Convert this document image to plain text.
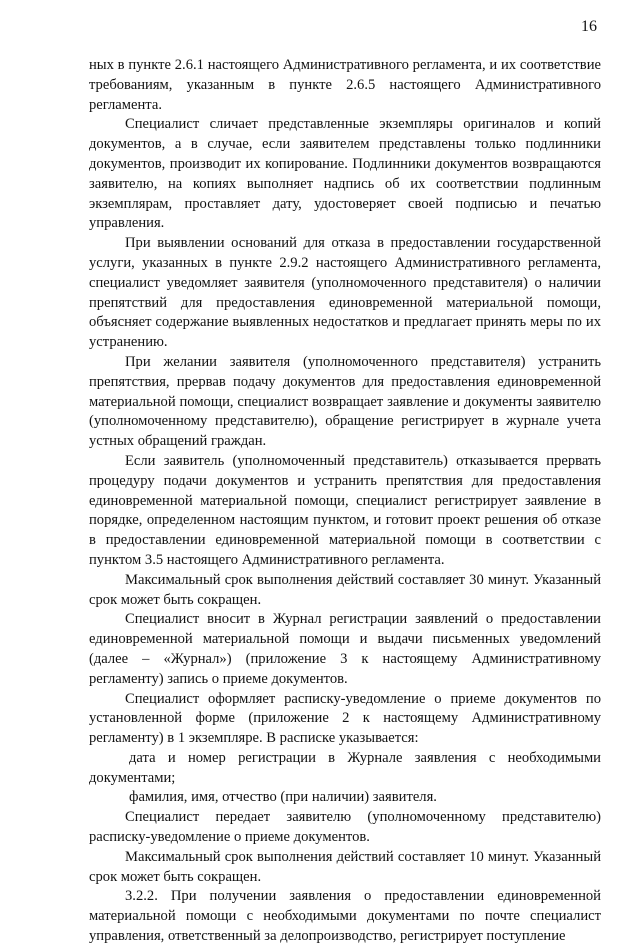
16

ных в пункте 2.6.1 настоящего Административного регламента, и их соответствие требованиям, указанным в пункте 2.6.5 настоящего Административного регламента.

Специалист сличает представленные экземпляры оригиналов и копий документов, а в случае, если заявителем представлены только подлинники документов, производит их копирование. Подлинники документов возвращаются заявителю, на копиях выполняет надпись об их соответствии подлинным экземплярам, проставляет дату, удостоверяет своей подписью и печатью управления.

При выявлении оснований для отказа в предоставлении государственной услуги, указанных в пункте 2.9.2 настоящего Административного регламента, специалист уведомляет заявителя (уполномоченного представителя) о наличии препятствий для предоставления единовременной материальной помощи, объясняет содержание выявленных недостатков и предлагает принять меры по их устранению.

При желании заявителя (уполномоченного представителя) устранить препятствия, прервав подачу документов для предоставления единовременной материальной помощи, специалист возвращает заявление и документы заявителю (уполномоченному представителю), обращение регистрирует в журнале учета устных обращений граждан.

Если заявитель (уполномоченный представитель) отказывается прервать процедуру подачи документов и устранить препятствия для предоставления единовременной материальной помощи, специалист регистрирует заявление в порядке, определенном настоящим пунктом, и готовит проект решения об отказе в предоставлении единовременной материальной помощи в соответствии с пунктом 3.5 настоящего Административного регламента.

Максимальный срок выполнения действий составляет 30 минут. Указанный срок может быть сокращен.

Специалист вносит в Журнал регистрации заявлений о предоставлении единовременной материальной помощи и выдачи письменных уведомлений (далее – «Журнал») (приложение 3 к настоящему Административному регламенту) запись о приеме документов.

Специалист оформляет расписку-уведомление о приеме документов по установленной форме (приложение 2 к настоящему Административному регламенту) в 1 экземпляре. В расписке указывается:

дата и номер регистрации в Журнале заявления с необходимыми документами;

фамилия, имя, отчество (при наличии) заявителя.

Специалист передает заявителю (уполномоченному представителю) расписку-уведомление о приеме документов.

Максимальный срок выполнения действий составляет 10 минут. Указанный срок может быть сокращен.

3.2.2. При получении заявления о предоставлении единовременной материальной помощи с необходимыми документами по почте специалист управления, ответственный за делопроизводство, регистрирует поступление
